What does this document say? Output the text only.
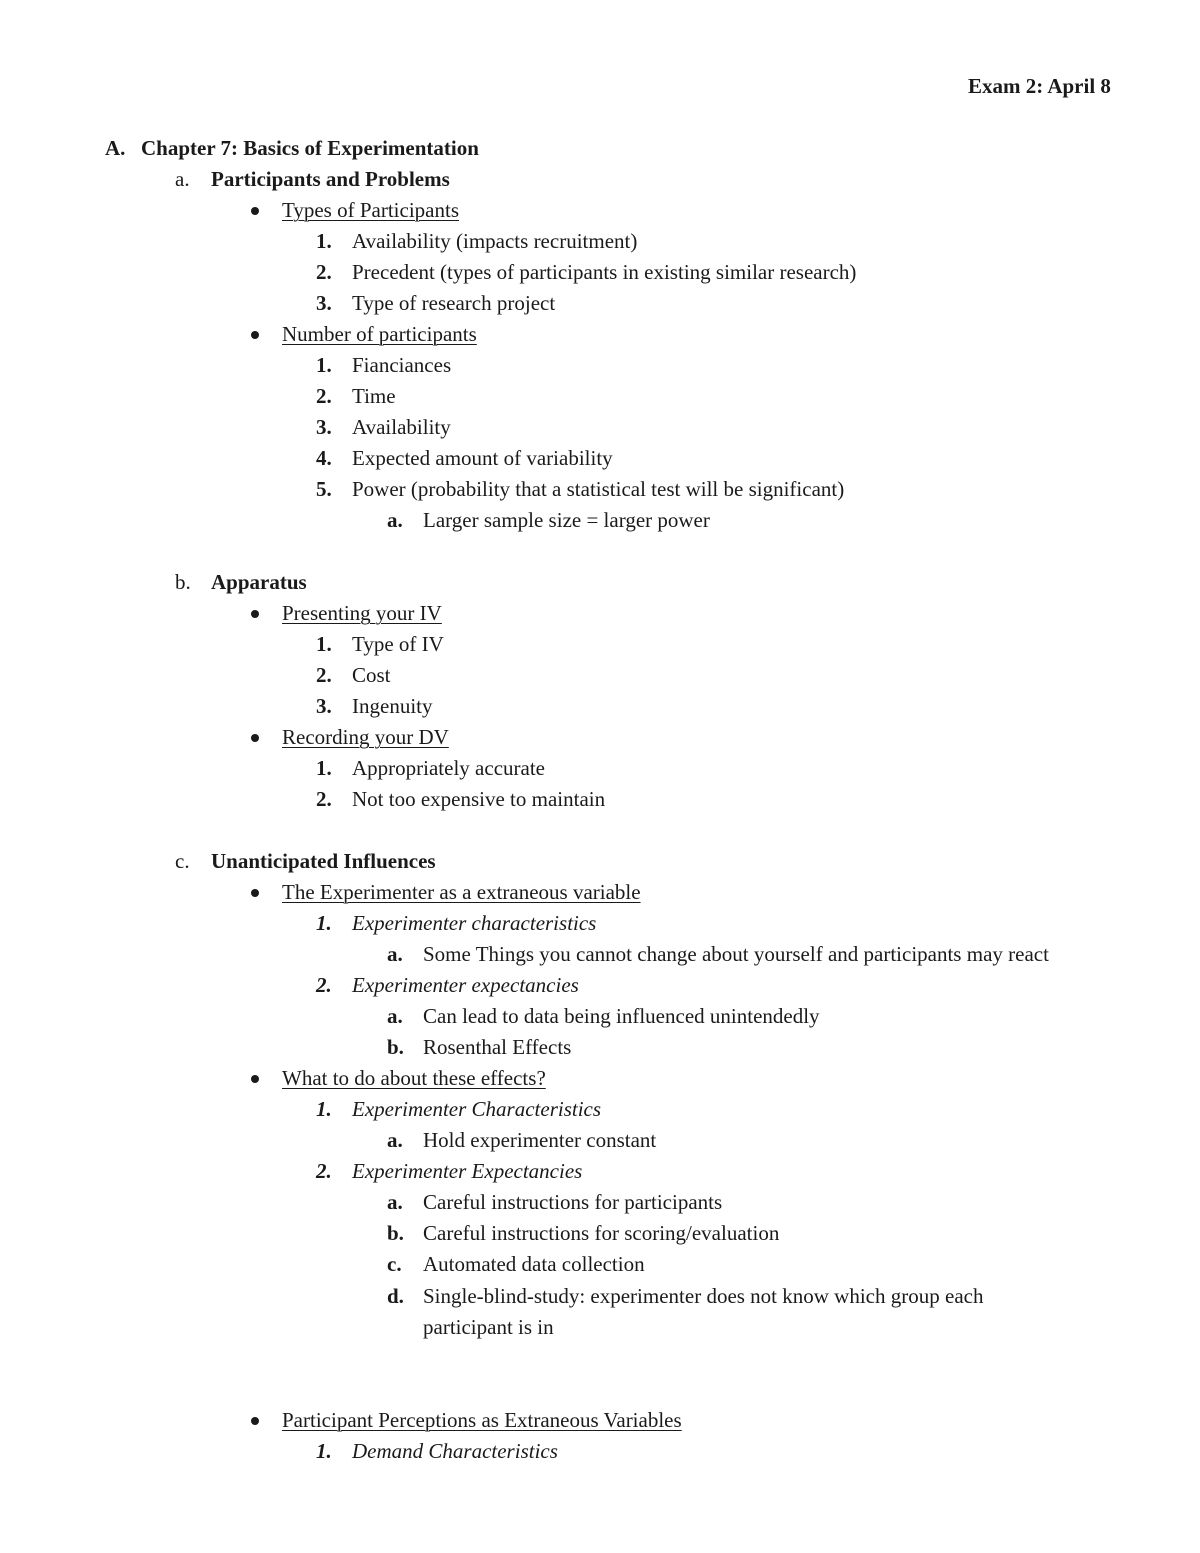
Exam 2: April 8
A. Chapter 7: Basics of Experimentation
a. Participants and Problems
Types of Participants
1. Availability (impacts recruitment)
2. Precedent (types of participants in existing similar research)
3. Type of research project
Number of participants
1. Fianciances
2. Time
3. Availability
4. Expected amount of variability
5. Power (probability that a statistical test will be significant)
a. Larger sample size = larger power
b. Apparatus
Presenting your IV
1. Type of IV
2. Cost
3. Ingenuity
Recording your DV
1. Appropriately accurate
2. Not too expensive to maintain
c. Unanticipated Influences
The Experimenter as a extraneous variable
1. Experimenter characteristics
a. Some Things you cannot change about yourself and participants may react
2. Experimenter expectancies
a. Can lead to data being influenced unintendedly
b. Rosenthal Effects
What to do about these effects?
1. Experimenter Characteristics
a. Hold experimenter constant
2. Experimenter Expectancies
a. Careful instructions for participants
b. Careful instructions for scoring/evaluation
c. Automated data collection
d. Single-blind-study: experimenter does not know which group each
participant is in
Participant Perceptions as Extraneous Variables
1. Demand Characteristics
